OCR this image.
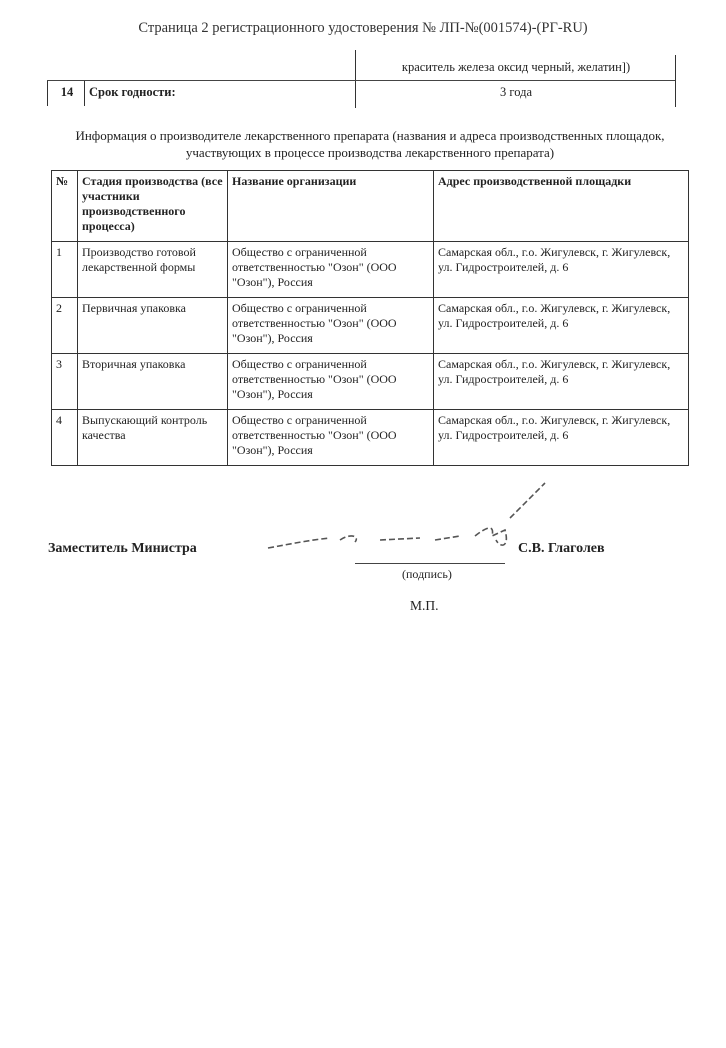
Страница 2 регистрационного удостоверения № ЛП-№(001574)-(РГ-RU)
краситель железа оксид черный, желатин])
14	Срок годности:	3 года
Информация о производителе лекарственного препарата (названия и адреса производственных площадок,
участвующих в процессе производства лекарственного препарата)
№	Стадия производства (все участники производственного процесса)	Название организации	Адрес производственной площадки
1	Производство готовой лекарственной формы	Общество с ограниченной ответственностью "Озон" (ООО "Озон"), Россия	Самарская обл., г.о. Жигулевск, г. Жигулевск, ул. Гидростроителей, д. 6
2	Первичная упаковка	Общество с ограниченной ответственностью "Озон" (ООО "Озон"), Россия	Самарская обл., г.о. Жигулевск, г. Жигулевск, ул. Гидростроителей, д. 6
3	Вторичная упаковка	Общество с ограниченной ответственностью "Озон" (ООО "Озон"), Россия	Самарская обл., г.о. Жигулевск, г. Жигулевск, ул. Гидростроителей, д. 6
4	Выпускающий контроль качества	Общество с ограниченной ответственностью "Озон" (ООО "Озон"), Россия	Самарская обл., г.о. Жигулевск, г. Жигулевск, ул. Гидростроителей, д. 6
Заместитель Министра	С.В. Глаголев
(подпись)
М.П.
